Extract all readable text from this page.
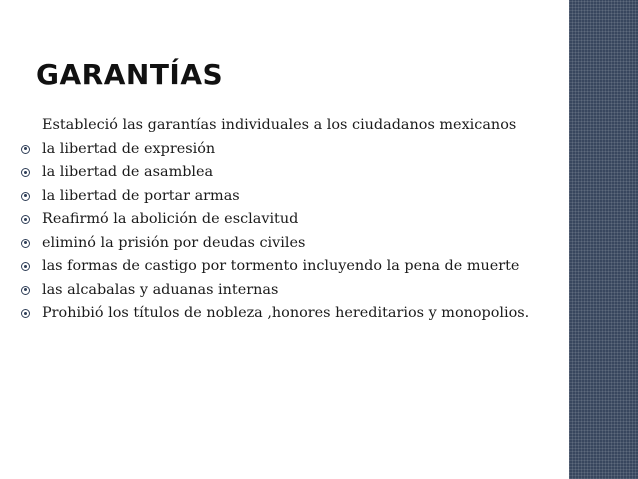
GARANTÍAS
Estableció las garantías individuales a los ciudadanos mexicanos
la libertad de expresión
la libertad de asamblea
la libertad de portar armas
Reafirmó la abolición de esclavitud
eliminó la prisión por deudas civiles
las formas de castigo por tormento incluyendo la pena de muerte
las alcabalas y aduanas internas
Prohibió los títulos de nobleza ,honores hereditarios y monopolios.
